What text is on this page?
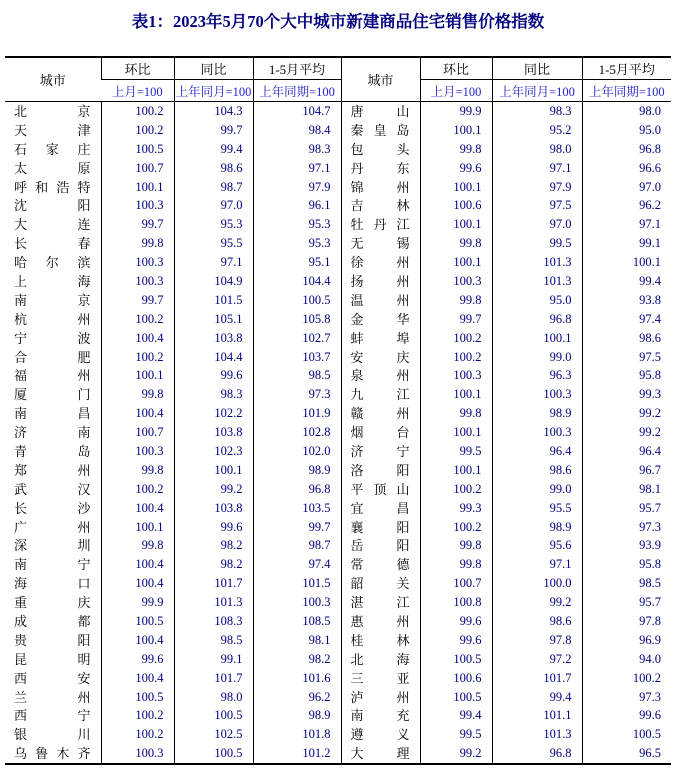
表1：2023年5月70个大中城市新建商品住宅销售价格指数
城市	环比	同比	1-5月平均	城市	环比	同比	1-5月平均
	上月=100	上年同月=100	上年同期=100		上月=100	上年同月=100	上年同期=100

北 京	100.2	104.3	104.7	唐 山	99.9	98.3	98.0

天 津	100.2	99.7	98.4	秦 皇 岛	100.1	95.2	95.0

石 家 庄	100.5	99.4	98.3	包 头	99.8	98.0	96.8

太 原	100.7	98.6	97.1	丹 东	99.6	97.1	96.6

呼 和 浩 特	100.1	98.7	97.9	锦 州	100.1	97.9	97.0

沈 阳	100.3	97.0	96.1	吉 林	100.6	97.5	96.2

大 连	99.7	95.3	95.3	牡 丹 江	100.1	97.0	97.1

长 春	99.8	95.5	95.3	无 锡	99.8	99.5	99.1

哈 尔 滨	100.3	97.1	95.1	徐 州	100.1	101.3	100.1

上 海	100.3	104.9	104.4	扬 州	100.3	101.3	99.4

南 京	99.7	101.5	100.5	温 州	99.8	95.0	93.8

杭 州	100.2	105.1	105.8	金 华	99.7	96.8	97.4

宁 波	100.4	103.8	102.7	蚌 埠	100.2	100.1	98.6

合 肥	100.2	104.4	103.7	安 庆	100.2	99.0	97.5

福 州	100.1	99.6	98.5	泉 州	100.3	96.3	95.8

厦 门	99.8	98.3	97.3	九 江	100.1	100.3	99.3

南 昌	100.4	102.2	101.9	赣 州	99.8	98.9	99.2

济 南	100.7	103.8	102.8	烟 台	100.1	100.3	99.2

青 岛	100.3	102.3	102.0	济 宁	99.5	96.4	96.4

郑 州	99.8	100.1	98.9	洛 阳	100.1	98.6	96.7

武 汉	100.2	99.2	96.8	平 顶 山	100.2	99.0	98.1

长 沙	100.4	103.8	103.5	宜 昌	99.3	95.5	95.7

广 州	100.1	99.6	99.7	襄 阳	100.2	98.9	97.3

深 圳	99.8	98.2	98.7	岳 阳	99.8	95.6	93.9

南 宁	100.4	98.2	97.4	常 德	99.8	97.1	95.8

海 口	100.4	101.7	101.5	韶 关	100.7	100.0	98.5

重 庆	99.9	101.3	100.3	湛 江	100.8	99.2	95.7

成 都	100.5	108.3	108.5	惠 州	99.6	98.6	97.8

贵 阳	100.4	98.5	98.1	桂 林	99.6	97.8	96.9

昆 明	99.6	99.1	98.2	北 海	100.5	97.2	94.0

西 安	100.4	101.7	101.6	三 亚	100.6	101.7	100.2

兰 州	100.5	98.0	96.2	泸 州	100.5	99.4	97.3

西 宁	100.2	100.5	98.9	南 充	99.4	101.1	99.6

银 川	100.2	102.5	101.8	遵 义	99.5	101.3	100.5

乌 鲁 木 齐	100.3	100.5	101.2	大 理	99.2	96.8	96.5
